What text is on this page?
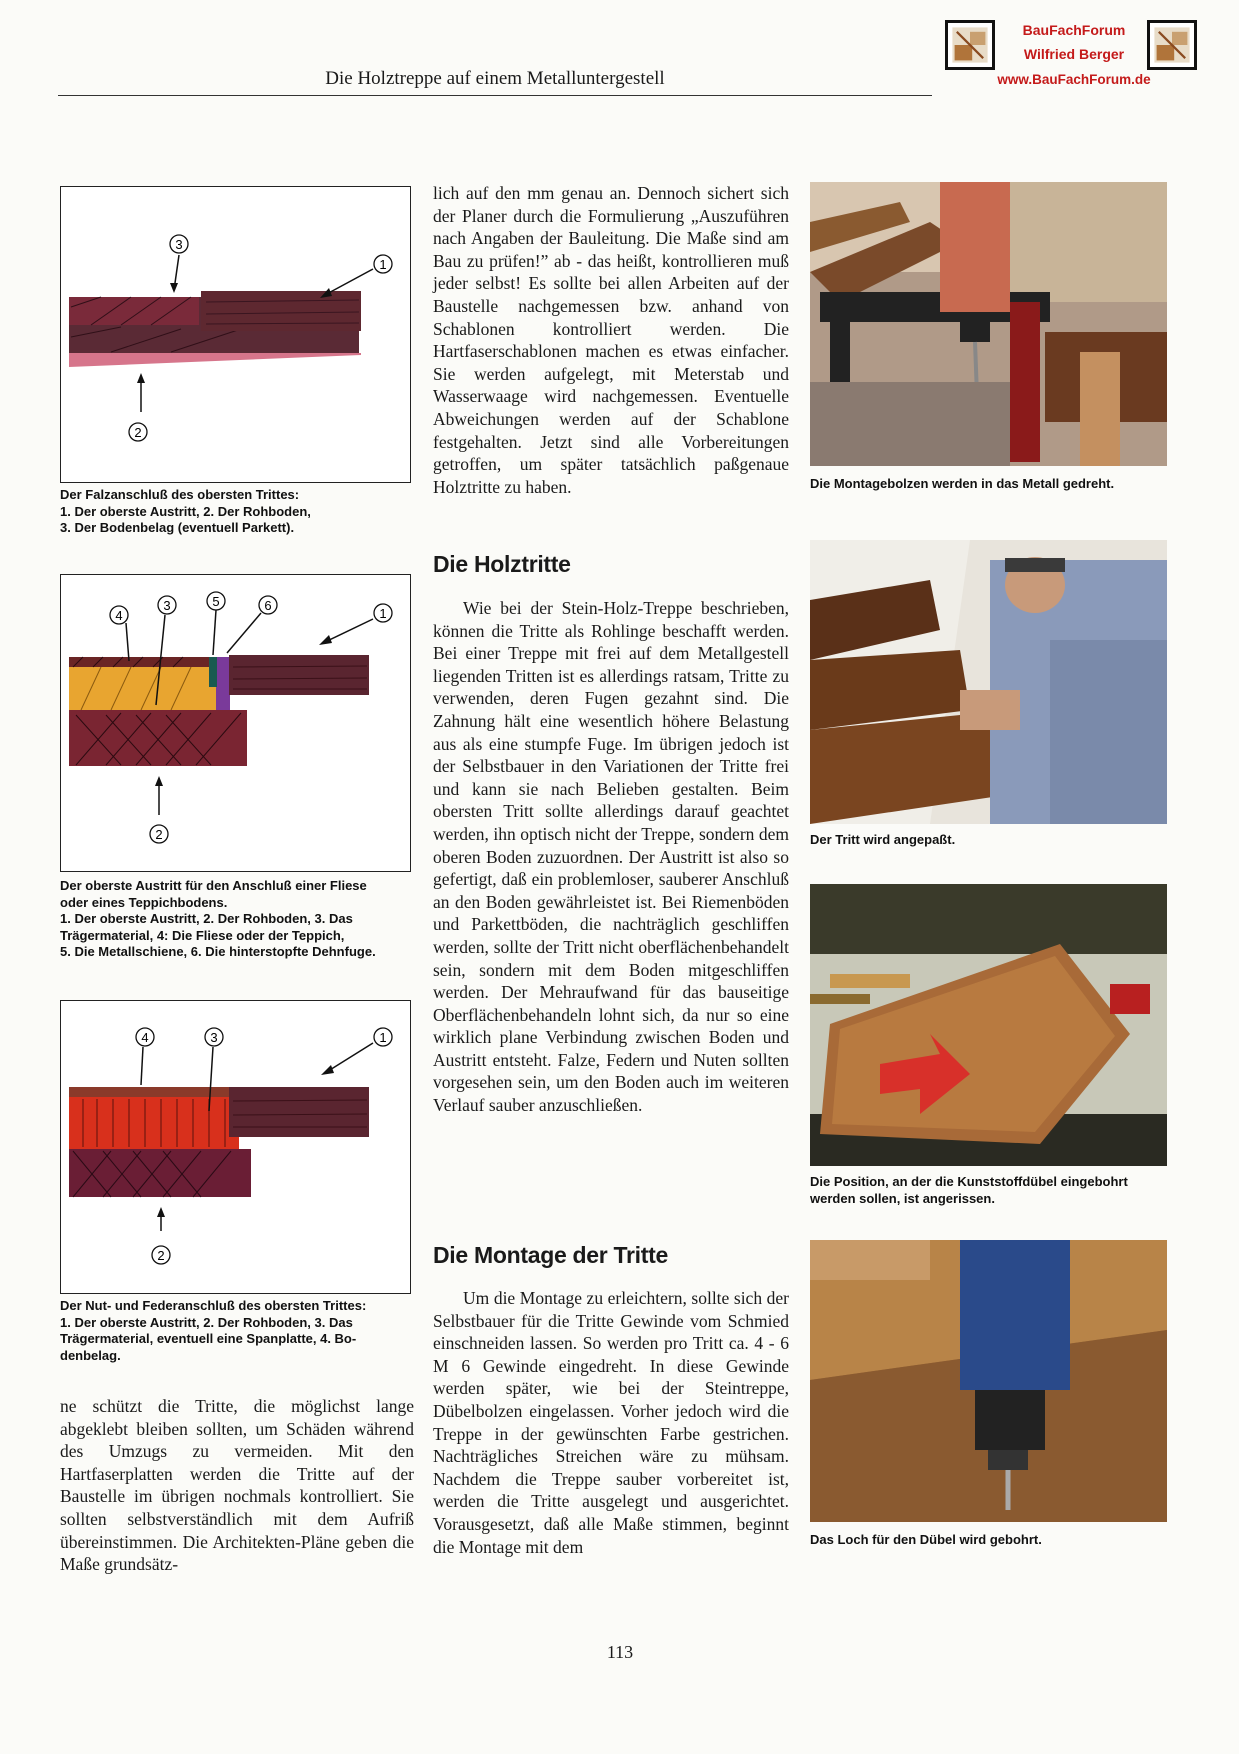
Die Holztreppe auf einem Metalluntergestell
BauFachForum
Wilfried Berger
www.BauFachForum.de
3
1
2
Der Falzanschluß des obersten Trittes:
1. Der oberste Austritt, 2. Der Rohboden,
3. Der Bodenbelag (eventuell Parkett).
4
3	5	6
1
2
Der oberste Austritt für den Anschluß einer Fliese
oder eines Teppichbodens.
1. Der oberste Austritt, 2. Der Rohboden, 3. Das
Trägermaterial, 4: Die Fliese oder der Teppich,
5. Die Metallschiene, 6. Die hinterstopfte Dehnfuge.
4	3	1
2
Der Nut- und Federanschluß des obersten Trittes:
1. Der oberste Austritt, 2. Der Rohboden, 3. Das
Trägermaterial, eventuell eine Spanplatte, 4. Bo-
denbelag.

ne schützt die Tritte, die möglichst lange abgeklebt bleiben sollten, um Schäden während des Umzugs zu vermeiden. Mit den Hartfaserplatten werden die Tritte auf der Baustelle im übrigen nochmals kontrolliert. Sie sollten selbstverständlich mit dem Aufriß übereinstimmen. Die Architekten-Pläne geben die Maße grundsätz-

lich auf den mm genau an. Dennoch sichert sich der Planer durch die Formulierung „Auszuführen nach Angaben der Bauleitung. Die Maße sind am Bau zu prüfen!” ab - das heißt, kontrollieren muß jeder selbst! Es sollte bei allen Arbeiten auf der Baustelle nachgemessen bzw. anhand von Schablonen kontrolliert werden. Die Hartfaserschablonen machen es etwas einfacher. Sie werden aufgelegt, mit Meterstab und Wasserwaage wird nachgemessen. Eventuelle Abweichungen werden auf der Schablone festgehalten. Jetzt sind alle Vorbereitungen getroffen, um später tatsächlich paßgenaue Holztritte zu haben.

Die Holztritte

Wie bei der Stein-Holz-Treppe beschrieben, können die Tritte als Rohlinge beschafft werden. Bei einer Treppe mit frei auf dem Metallgestell liegenden Tritten ist es allerdings ratsam, Tritte zu verwenden, deren Fugen gezahnt sind. Die Zahnung hält eine wesentlich höhere Belastung aus als eine stumpfe Fuge. Im übrigen jedoch ist der Selbstbauer in den Variationen der Tritte frei und kann sie nach Belieben gestalten. Beim obersten Tritt sollte allerdings darauf geachtet werden, ihn optisch nicht der Treppe, sondern dem oberen Boden zuzuordnen. Der Austritt ist also so gefertigt, daß ein problemloser, sauberer Anschluß an den Boden gewährleistet ist. Bei Riemenböden und Parkettböden, die nachträglich geschliffen werden, sollte der Tritt nicht oberflächenbehandelt sein, sondern mit dem Boden mitgeschliffen werden. Der Mehraufwand für das bauseitige Oberflächenbehandeln lohnt sich, da nur so eine wirklich plane Verbindung zwischen Boden und Austritt entsteht. Falze, Federn und Nuten sollten vorgesehen sein, um den Boden auch im weiteren Verlauf sauber anzuschließen.

Die Montage der Tritte

Um die Montage zu erleichtern, sollte sich der Selbstbauer für die Tritte Gewinde vom Schmied einschneiden lassen. So werden pro Tritt ca. 4 - 6 M 6 Gewinde eingedreht. In diese Gewinde werden später, wie bei der Steintreppe, Dübelbolzen eingelassen. Vorher jedoch wird die Treppe in der gewünschten Farbe gestrichen. Nachträgliches Streichen wäre zu mühsam. Nachdem die Treppe sauber vorbereitet ist, werden die Tritte ausgelegt und ausgerichtet. Vorausgesetzt, daß alle Maße stimmen, beginnt die Montage mit dem

Die Montagebolzen werden in das Metall gedreht.
Der Tritt wird angepaßt.
Die Position, an der die Kunststoffdübel eingebohrt
werden sollen, ist angerissen.
Das Loch für den Dübel wird gebohrt.
113
